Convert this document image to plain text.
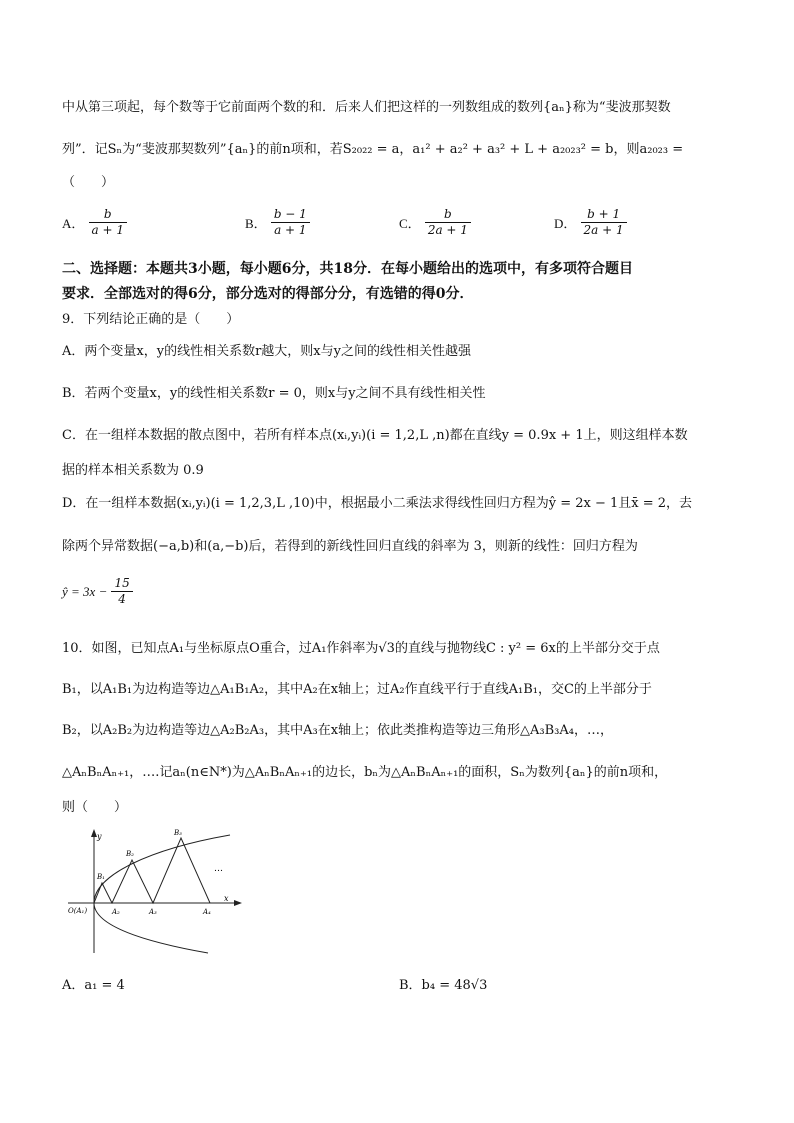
中从第三项起，每个数等于它前面两个数的和．后来人们把这样的一列数组成的数列{aₙ}称为“斐波那契数
列”．记Sₙ为“斐波那契数列”{aₙ}的前n项和，若S₂₀₂₂ = a，a₁² + a₂² + a₃² + L + a₂₀₂₃² = b，则a₂₀₂₃ =
（　　）
A． $\frac{b}{a + 1}$	B． $\frac{b - 1}{a + 1}$	C． $\frac{b}{2a + 1}$	D． $\frac{b + 1}{2a + 1}$
二、选择题：本题共3小题，每小题6分，共18分．在每小题给出的选项中，有多项符合题目
要求．全部选对的得6分，部分选对的得部分分，有选错的得0分．
9．下列结论正确的是（　　）
A．两个变量x，y的线性相关系数r越大，则x与y之间的线性相关性越强
B．若两个变量x，y的线性相关系数r = 0，则x与y之间不具有线性相关性
C．在一组样本数据的散点图中，若所有样本点(xᵢ,yᵢ)(i = 1,2,L ,n)都在直线y = 0.9x + 1上，则这组样本数
据的样本相关系数为 0.9
D．在一组样本数据(xᵢ,yᵢ)(i = 1,2,3,L ,10)中，根据最小二乘法求得线性回归方程为ŷ = 2x − 1且x̄ = 2，去
除两个异常数据(−a,b)和(a,−b)后，若得到的新线性回归直线的斜率为 3，则新的线性：回归方程为
ŷ = $3x - \frac{15}{4}$
10．如图，已知点A₁与坐标原点O重合，过A₁作斜率为√3的直线与抛物线C : y² = 6x的上半部分交于点
B₁，以A₁B₁为边构造等边△A₁B₁A₂，其中A₂在x轴上；过A₂作直线平行于直线A₁B₁，交C的上半部分于
B₂，以A₂B₂为边构造等边△A₂B₂A₃，其中A₃在x轴上；依此类推构造等边三角形△A₃B₃A₄，…，
△AₙBₙAₙ₊₁，….记aₙ(n∈N*)为△AₙBₙAₙ₊₁的边长，bₙ为△AₙBₙAₙ₊₁的面积，Sₙ为数列{aₙ}的前n项和，
则（　　）
y
x
O(A₁)
B₁
B₂
B₃
A₂	A₃	A₄
…
A．a₁ = 4	B．b₄ = 48√3
